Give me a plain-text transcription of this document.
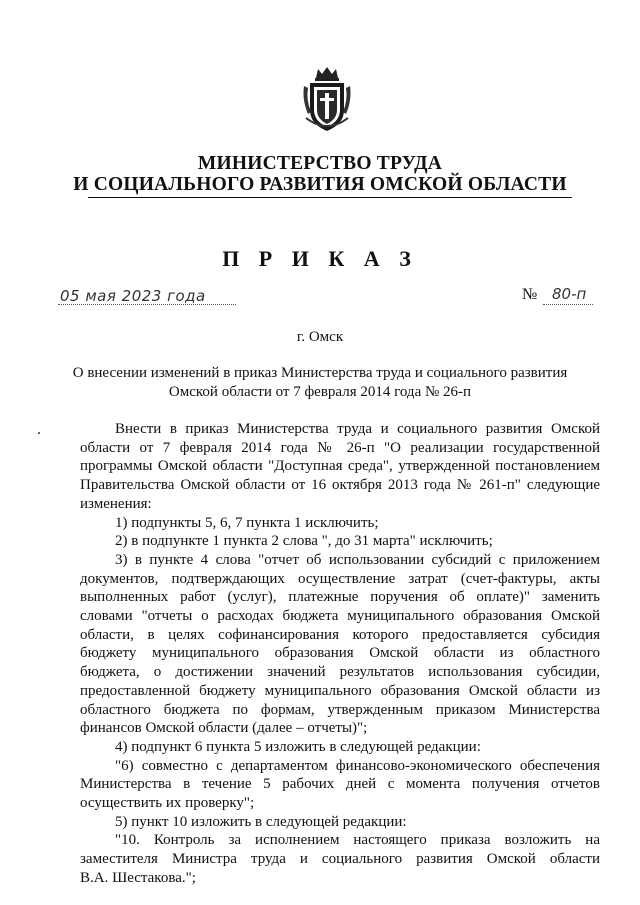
МИНИСТЕРСТВО ТРУДА
И СОЦИАЛЬНОГО РАЗВИТИЯ ОМСКОЙ ОБЛАСТИ
П Р И К А З
05 мая 2023 года	№ 80-п
г. Омск
О внесении изменений в приказ Министерства труда и социального развития
Омской области от 7 февраля 2014 года № 26-п
Внести в приказ Министерства труда и социального развития Омской
области от 7 февраля 2014 года № 26-п "О реализации государственной
программы Омской области "Доступная среда", утвержденной постановлением
Правительства Омской области от 16 октября 2013 года № 261-п" следующие
изменения:
1) подпункты 5, 6, 7 пункта 1 исключить;
2) в подпункте 1 пункта 2 слова ", до 31 марта" исключить;
3) в пункте 4 слова "отчет об использовании субсидий с приложением
документов, подтверждающих осуществление затрат (счет-фактуры, акты
выполненных работ (услуг), платежные поручения об оплате)" заменить
словами "отчеты о расходах бюджета муниципального образования Омской
области, в целях софинансирования которого предоставляется субсидия
бюджету муниципального образования Омской области из областного
бюджета, о достижении значений результатов использования субсидии,
предоставленной бюджету муниципального образования Омской области из
областного бюджета по формам, утвержденным приказом Министерства
финансов Омской области (далее – отчеты)";
4) подпункт 6 пункта 5 изложить в следующей редакции:
"6) совместно с департаментом финансово-экономического обеспечения
Министерства в течение 5 рабочих дней с момента получения отчетов
осуществить их проверку";
5) пункт 10 изложить в следующей редакции:
"10. Контроль за исполнением настоящего приказа возложить на
заместителя Министра труда и социального развития Омской области
В.А. Шестакова.";
